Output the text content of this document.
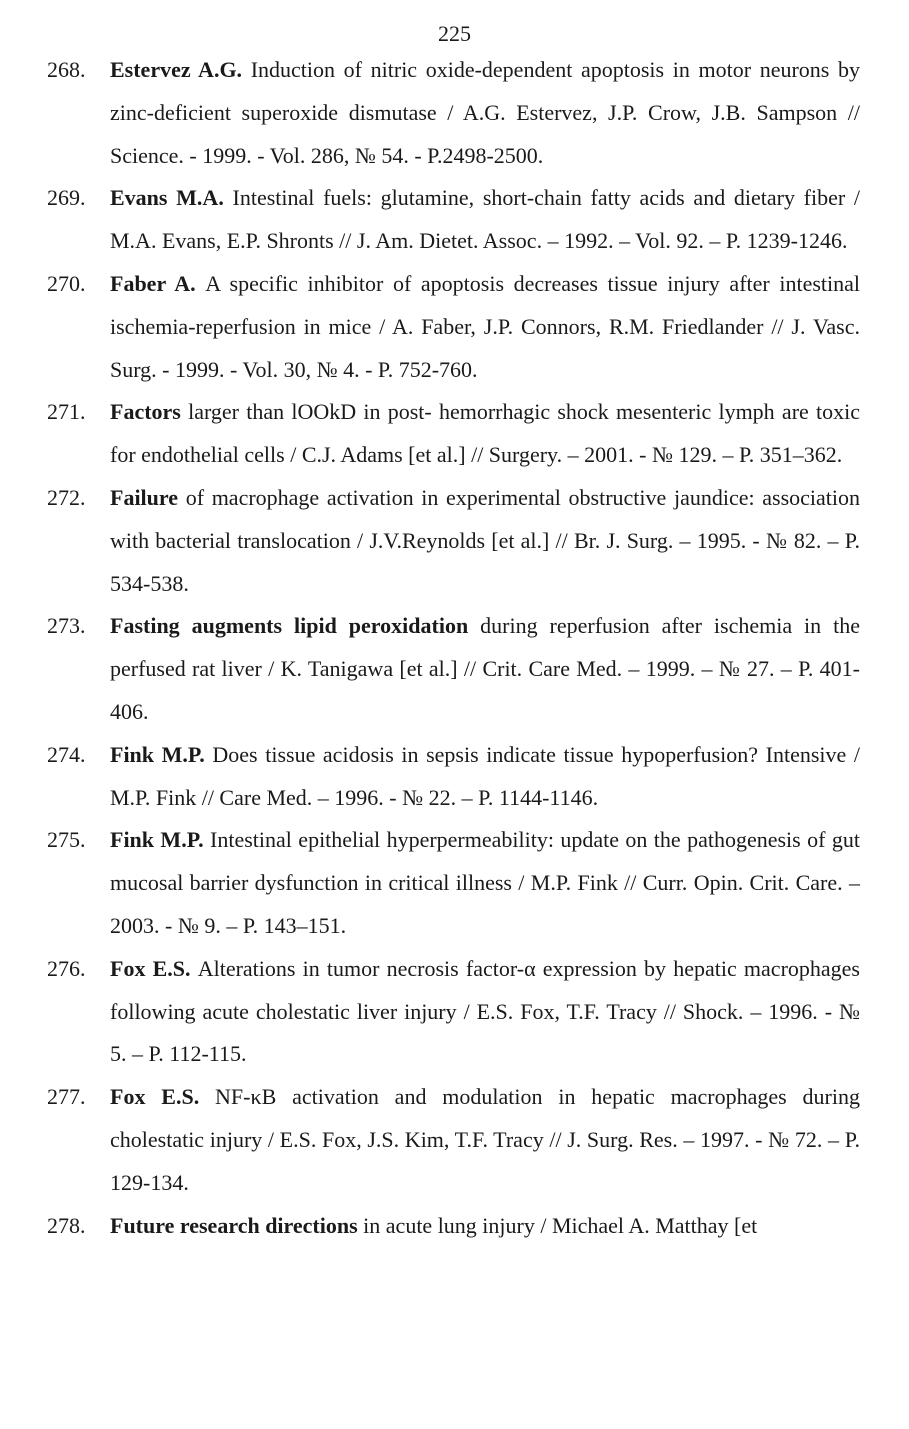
225
268.	Estervez A.G. Induction of nitric oxide-dependent apoptosis in motor neurons by zinc-deficient superoxide dismutase / A.G. Estervez, J.P. Crow, J.B. Sampson // Science. - 1999. - Vol. 286, № 54. - P.2498-2500.
269.	Evans M.A. Intestinal fuels: glutamine, short-chain fatty acids and dietary fiber / M.A. Evans, E.P. Shronts // J. Am. Dietet. Assoc. – 1992. – Vol. 92. – P. 1239-1246.
270.	Faber A. A specific inhibitor of apoptosis decreases tissue injury after intestinal ischemia-reperfusion in mice / A. Faber, J.P. Connors, R.M. Friedlander // J. Vasc. Surg. - 1999. - Vol. 30, № 4. - P. 752-760.
271.	Factors larger than lOOkD in post- hemorrhagic shock mesenteric lymph are toxic for endothelial cells / C.J. Adams [et al.] // Surgery. – 2001. - № 129. – P. 351–362.
272.	Failure of macrophage activation in experimental obstructive jaundice: association with bacterial translocation / J.V.Reynolds [et al.] // Br. J. Surg. – 1995. - № 82. – P. 534-538.
273.	Fasting augments lipid peroxidation during reperfusion after ischemia in the perfused rat liver / K. Tanigawa [et al.] // Crit. Care Med. – 1999. – № 27. – P. 401-406.
274.	Fink M.P. Does tissue acidosis in sepsis indicate tissue hypoperfusion? Intensive / M.P. Fink // Care Med. – 1996. - № 22. – P. 1144-1146.
275.	Fink M.P. Intestinal epithelial hyperpermeability: update on the pathogenesis of gut mucosal barrier dysfunction in critical illness / M.P. Fink // Curr. Opin. Crit. Care. – 2003. - № 9. – P. 143–151.
276.	Fox E.S. Alterations in tumor necrosis factor-α expression by hepatic macrophages following acute cholestatic liver injury / E.S. Fox, T.F. Tracy // Shock. – 1996. - № 5. – P. 112-115.
277.	Fox E.S. NF-κB activation and modulation in hepatic macrophages during cholestatic injury / E.S. Fox, J.S. Kim, T.F. Tracy // J. Surg. Res. – 1997. - № 72. – P. 129-134.
278.	Future research directions in acute lung injury / Michael A. Matthay [et
